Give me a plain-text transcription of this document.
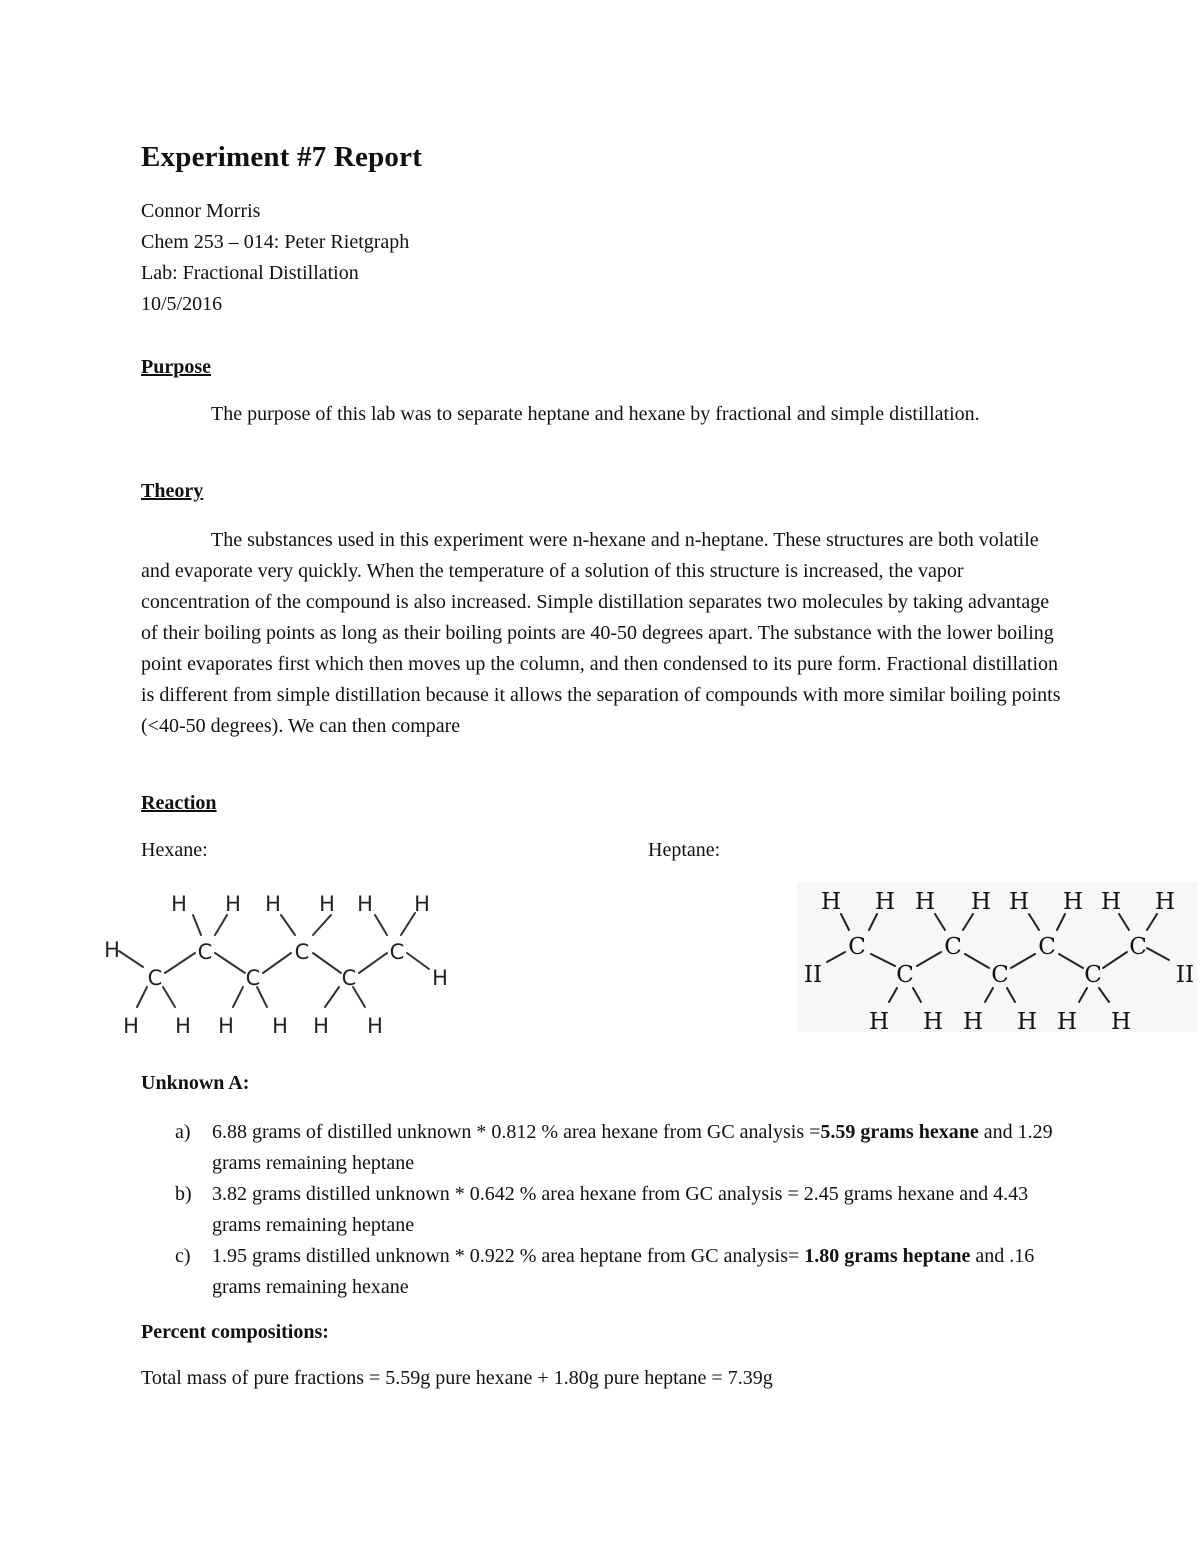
Experiment #7 Report
Connor Morris
Chem 253 – 014: Peter Rietgraph
Lab: Fractional Distillation
10/5/2016
Purpose
The purpose of this lab was to separate heptane and hexane by fractional and simple distillation.
Theory
The substances used in this experiment were n-hexane and n-heptane. These structures are both volatile and evaporate very quickly. When the temperature of a solution of this structure is increased, the vapor concentration of the compound is also increased. Simple distillation separates two molecules by taking advantage of their boiling points as long as their boiling points are 40-50 degrees apart. The substance with the lower boiling point evaporates first which then moves up the column, and then condensed to its pure form. Fractional distillation is different from simple distillation because it allows the separation of compounds with more similar boiling points (<40-50 degrees). We can then compare
Reaction
Hexane:	Heptane:
C
C
C
C
C
C
H
H
H H H H H H
H H H H H H
C
C
C
C
C
C
C
II	II
H H H H H H H H
H H H H H H
Unknown A:
a) 6.88 grams of distilled unknown * 0.812 % area hexane from GC analysis =5.59 grams hexane and 1.29 grams remaining heptane
b) 3.82 grams distilled unknown * 0.642 % area hexane from GC analysis = 2.45 grams hexane and 4.43 grams remaining heptane
c) 1.95 grams distilled unknown * 0.922 % area heptane from GC analysis= 1.80 grams heptane and .16 grams remaining hexane
Percent compositions:
Total mass of pure fractions = 5.59g pure hexane + 1.80g pure heptane = 7.39g
